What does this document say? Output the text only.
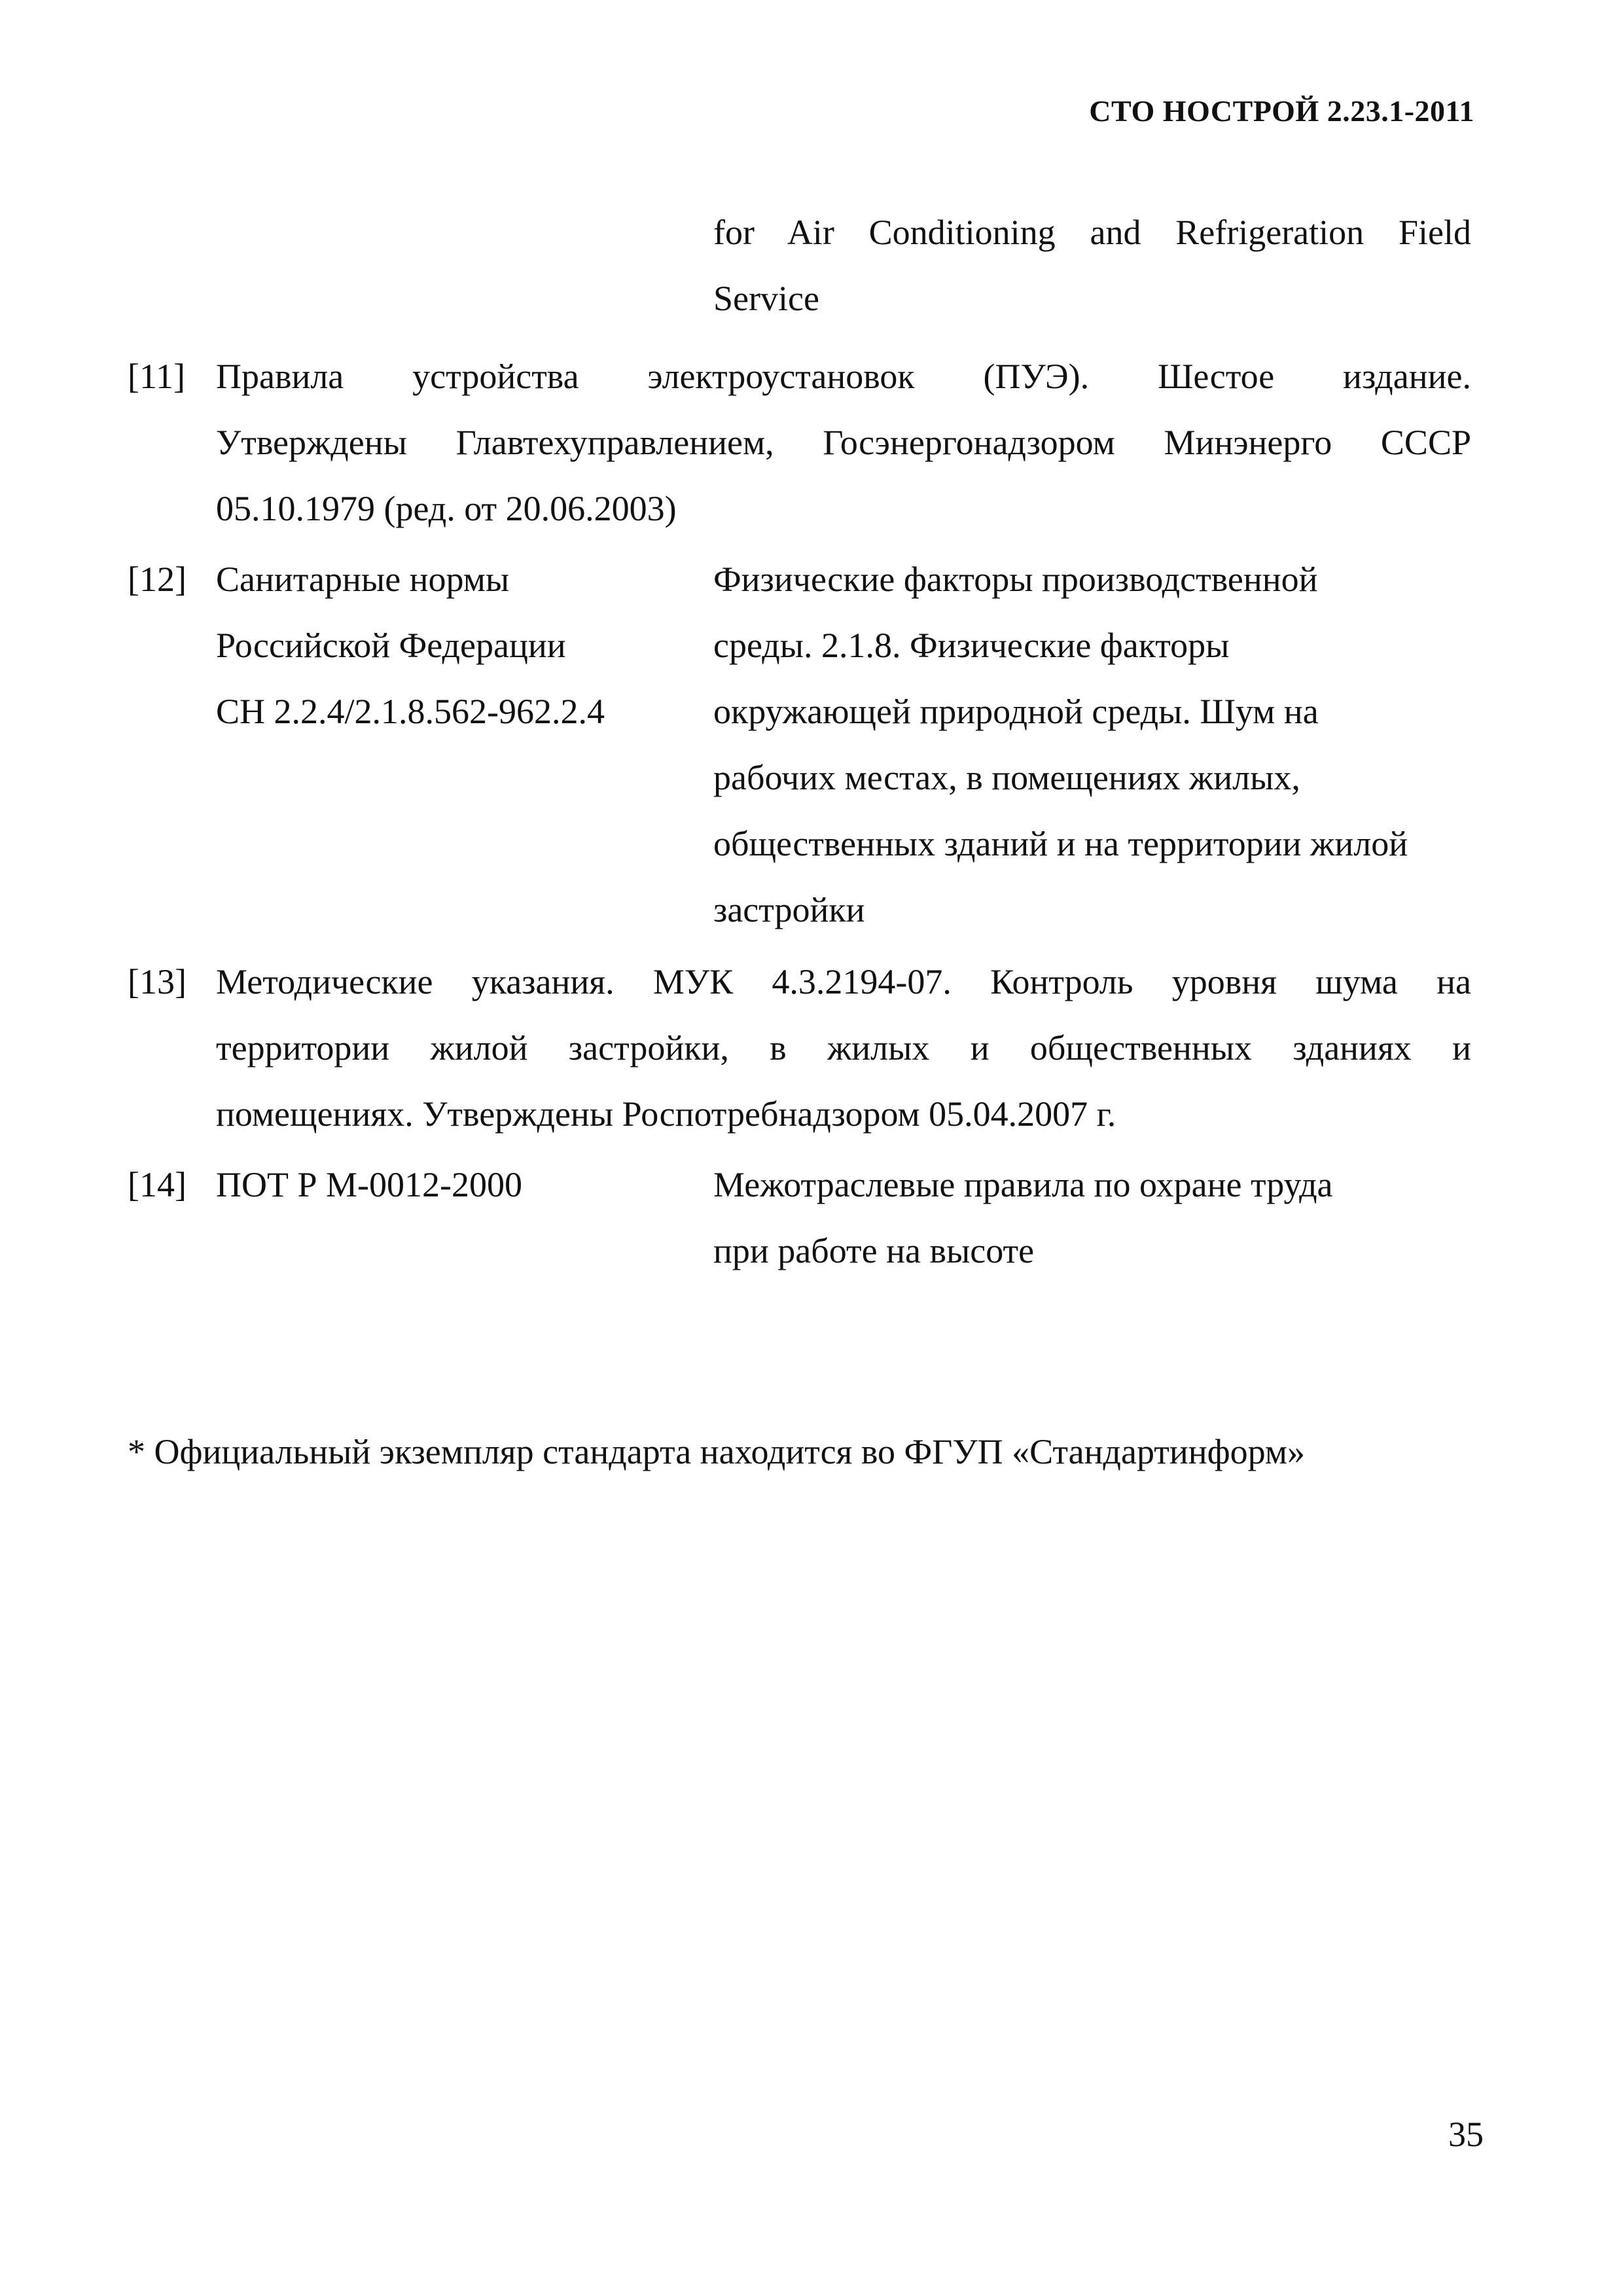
СТО НОСТРОЙ 2.23.1-2011
for Air Conditioning and Refrigeration Field
Service
[11] Правила устройства электроустановок (ПУЭ). Шестое издание.
Утверждены Главтехуправлением, Госэнергонадзором Минэнерго СССР
05.10.1979 (ред. от 20.06.2003)
[12] Санитарные нормы
Российской Федерации
СН 2.2.4/2.1.8.562-962.2.4
Физические факторы производственной
среды. 2.1.8. Физические факторы
окружающей природной среды. Шум на
рабочих местах, в помещениях жилых,
общественных зданий и на территории жилой
застройки
[13] Методические указания. МУК 4.3.2194-07. Контроль уровня шума на
территории жилой застройки, в жилых и общественных зданиях и
помещениях. Утверждены Роспотребнадзором 05.04.2007 г.
[14] ПОТ Р М-0012-2000	Межотраслевые правила по охране труда
при работе на высоте
* Официальный экземпляр стандарта находится во ФГУП «Стандартинформ»
35
